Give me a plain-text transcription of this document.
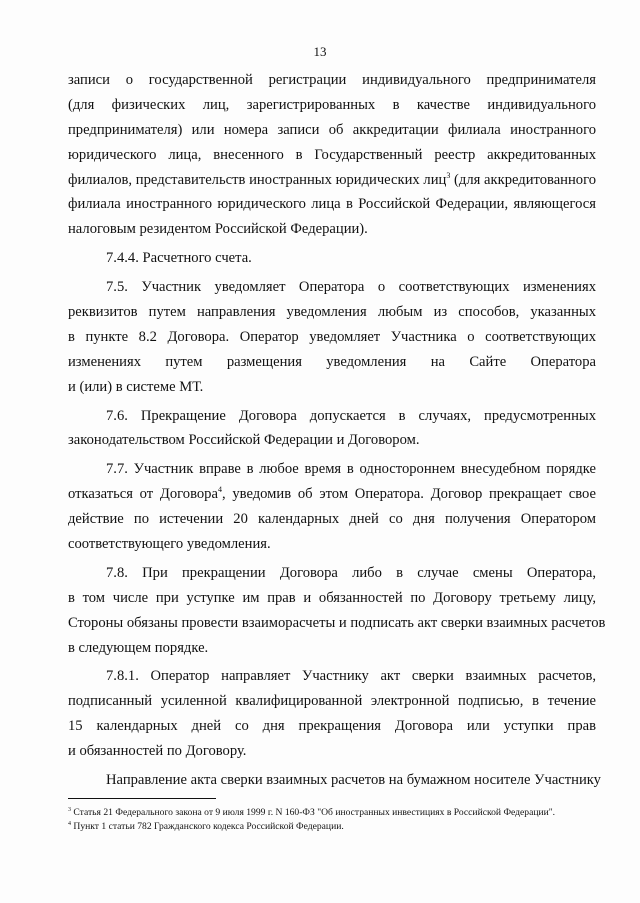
13
записи о государственной регистрации индивидуального предпринимателя
(для физических лиц, зарегистрированных в качестве индивидуального
предпринимателя) или номера записи об аккредитации филиала иностранного
юридического лица, внесенного в Государственный реестр аккредитованных
филиалов, представительств иностранных юридических лиц$^3$ (для аккредитованного
филиала иностранного юридического лица в Российской Федерации, являющегося
налоговым резидентом Российской Федерации).
7.4.4. Расчетного счета.
7.5. Участник уведомляет Оператора о соответствующих изменениях
реквизитов путем направления уведомления любым из способов, указанных
в пункте 8.2 Договора. Оператор уведомляет Участника о соответствующих
изменениях путем размещения уведомления на Сайте Оператора
и (или) в системе МТ.
7.6. Прекращение Договора допускается в случаях, предусмотренных
законодательством Российской Федерации и Договором.
7.7. Участник вправе в любое время в одностороннем внесудебном порядке
отказаться от Договора$^4$, уведомив об этом Оператора. Договор прекращает свое
действие по истечении 20 календарных дней со дня получения Оператором
соответствующего уведомления.
7.8. При прекращении Договора либо в случае смены Оператора,
в том числе при уступке им прав и обязанностей по Договору третьему лицу,
Стороны обязаны провести взаиморасчеты и подписать акт сверки взаимных расчетов
в следующем порядке.
7.8.1. Оператор направляет Участнику акт сверки взаимных расчетов,
подписанный усиленной квалифицированной электронной подписью, в течение
15 календарных дней со дня прекращения Договора или уступки прав
и обязанностей по Договору.
Направление акта сверки взаимных расчетов на бумажном носителе Участнику
$^3$ Статья 21 Федерального закона от 9 июля 1999 г. N 160-ФЗ "Об иностранных инвестициях в Российской Федерации".
$^4$ Пункт 1 статьи 782 Гражданского кодекса Российской Федерации.
